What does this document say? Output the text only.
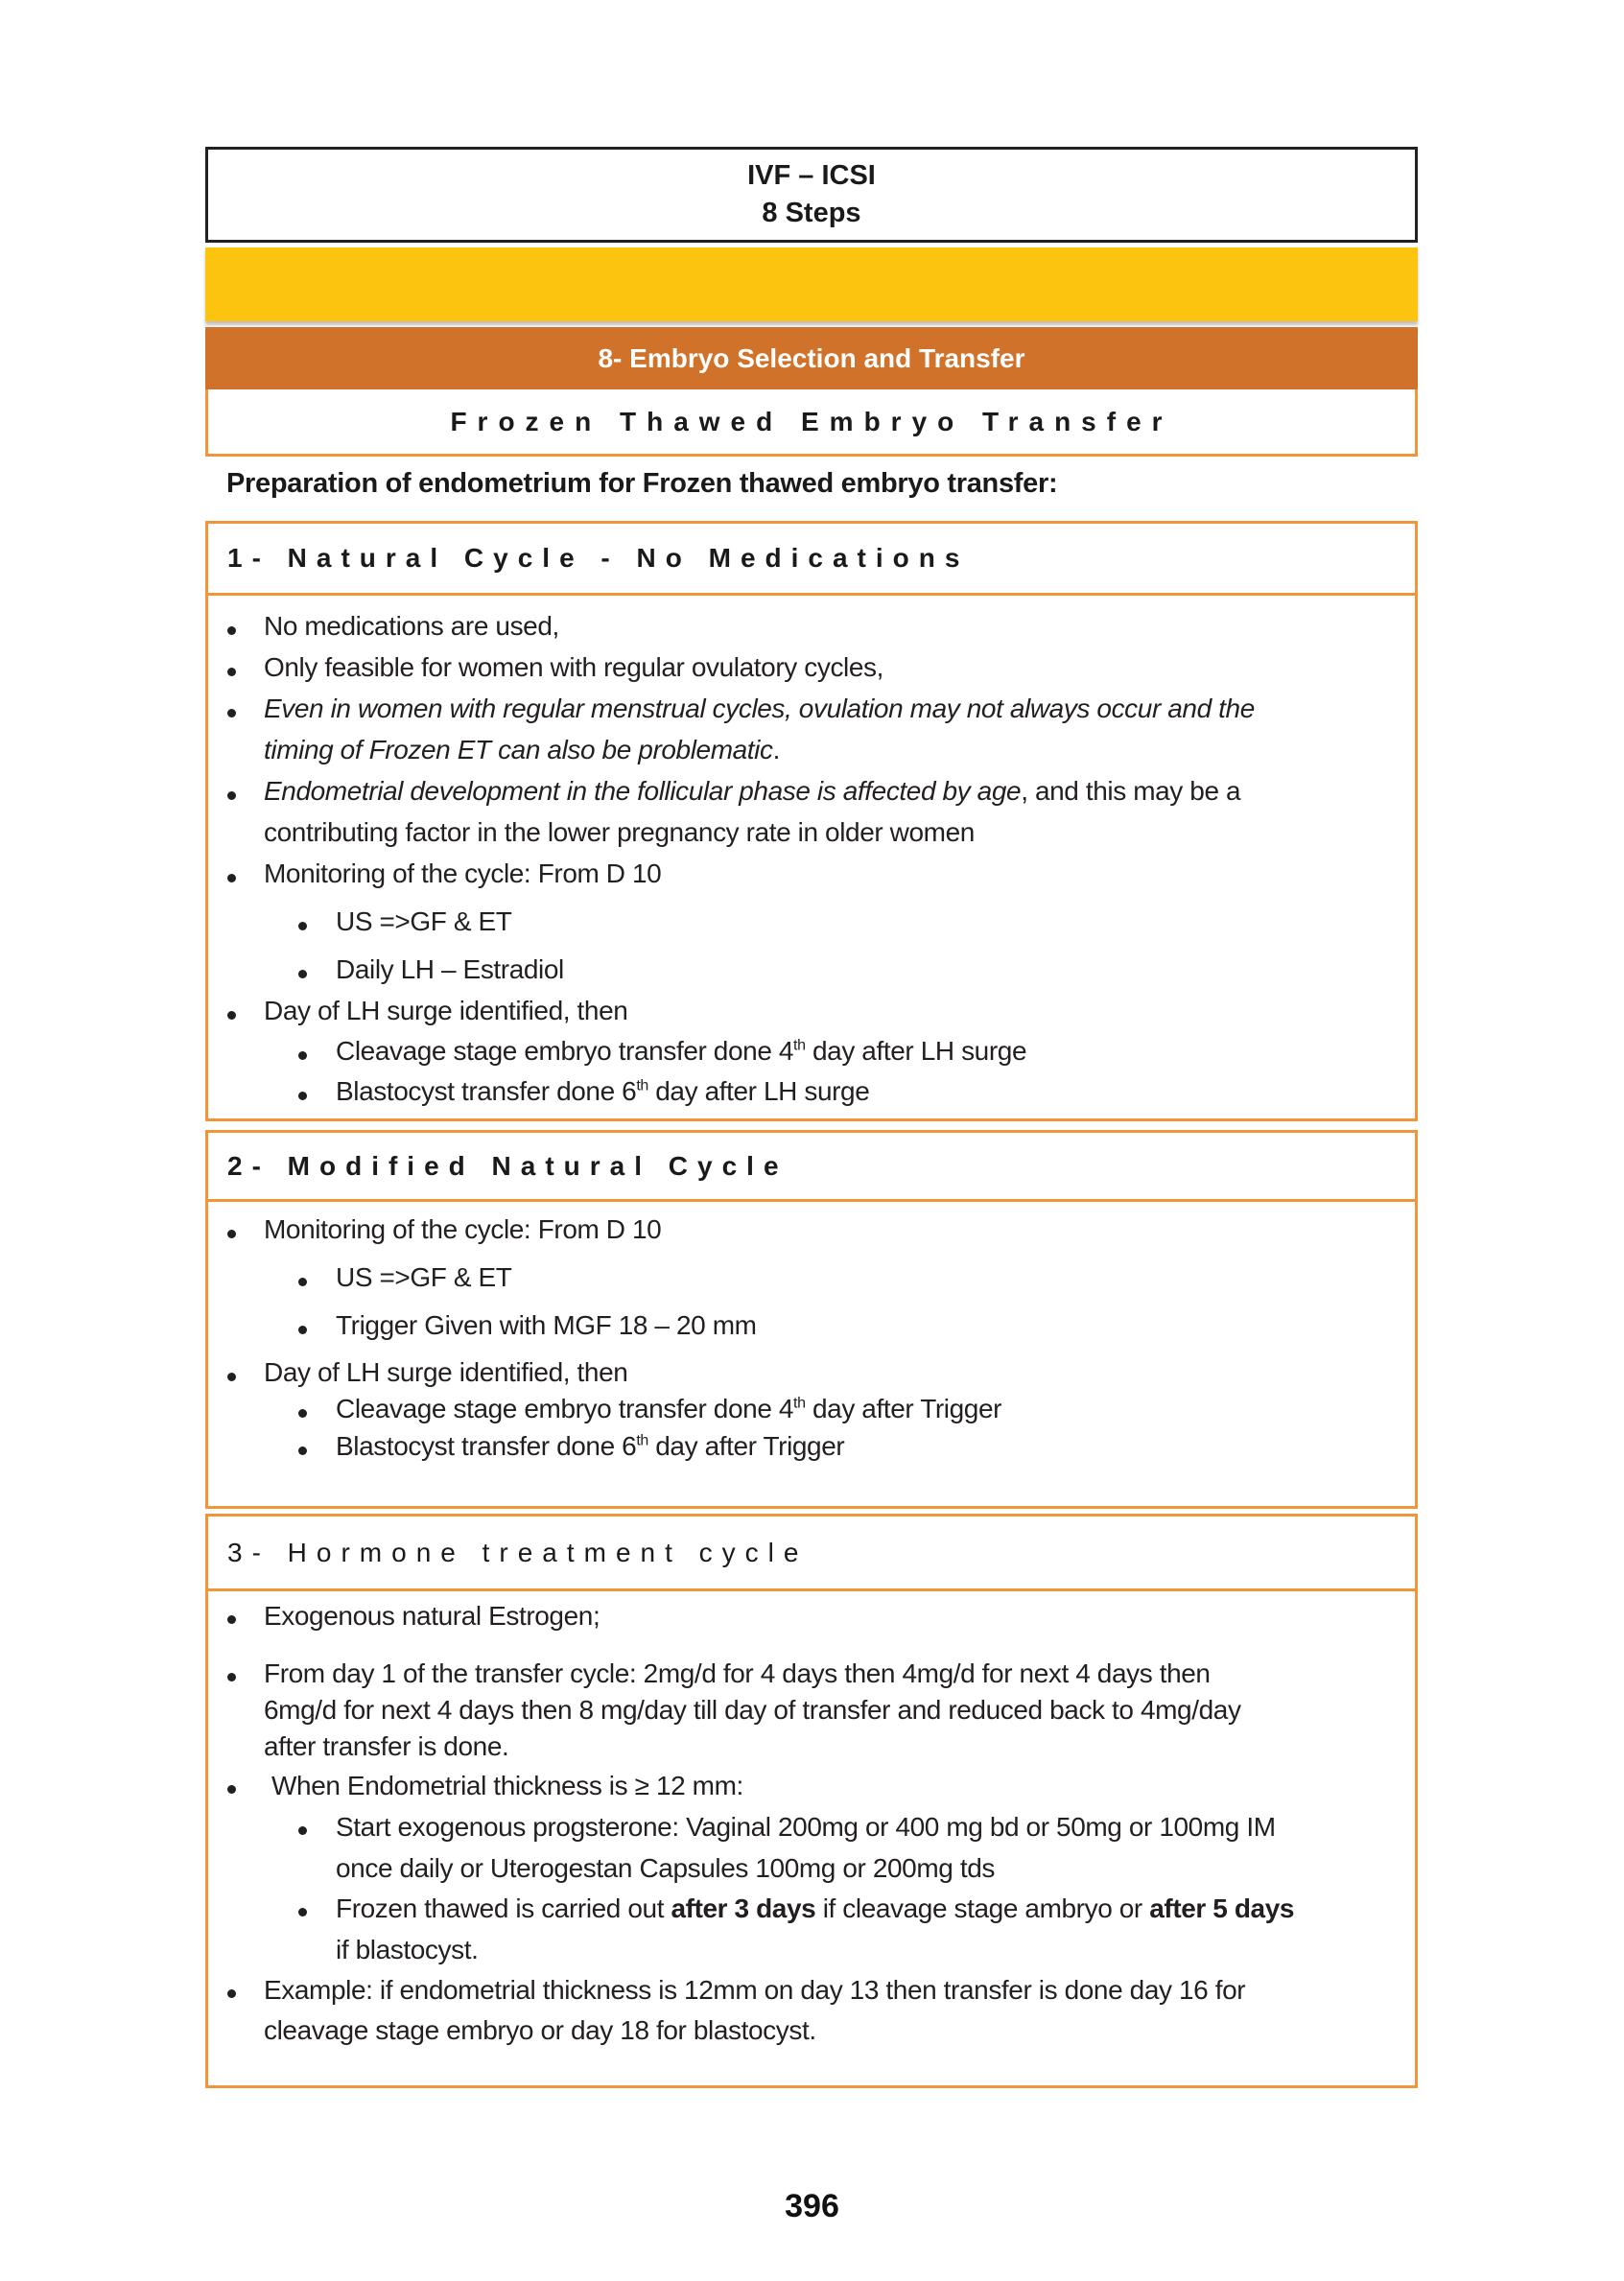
IVF – ICSI
8 Steps
8- Embryo Selection and Transfer
Frozen Thawed Embryo Transfer
Preparation of endometrium for Frozen thawed embryo transfer:
1- Natural Cycle - No Medications
No medications are used,
Only feasible for women with regular ovulatory cycles,
Even in women with regular menstrual cycles, ovulation may not always occur and the
timing of Frozen ET can also be problematic.
Endometrial development in the follicular phase is affected by age, and this may be a
contributing factor in the lower pregnancy rate in older women
Monitoring of the cycle: From D 10
US =>GF & ET
Daily LH – Estradiol
Day of LH surge identified, then
Cleavage stage embryo transfer done 4th day after LH surge
Blastocyst transfer done 6th day after LH surge
2- Modified Natural Cycle
Monitoring of the cycle: From D 10
US =>GF & ET
Trigger Given with MGF 18 – 20 mm
Day of LH surge identified, then
Cleavage stage embryo transfer done 4th day after Trigger
Blastocyst transfer done 6th day after Trigger
3- Hormone treatment cycle
Exogenous natural Estrogen;
From day 1 of the transfer cycle: 2mg/d for 4 days then 4mg/d for next 4 days then
6mg/d for next 4 days then 8 mg/day till day of transfer and reduced back to 4mg/day
after transfer is done.
When Endometrial thickness is ≥ 12 mm:
Start exogenous progsterone: Vaginal 200mg or 400 mg bd or 50mg or 100mg IM
once daily or Uterogestan Capsules 100mg or 200mg tds
Frozen thawed is carried out after 3 days if cleavage stage ambryo or after 5 days
if blastocyst.
Example: if endometrial thickness is 12mm on day 13 then transfer is done day 16 for
cleavage stage embryo or day 18 for blastocyst.
396
